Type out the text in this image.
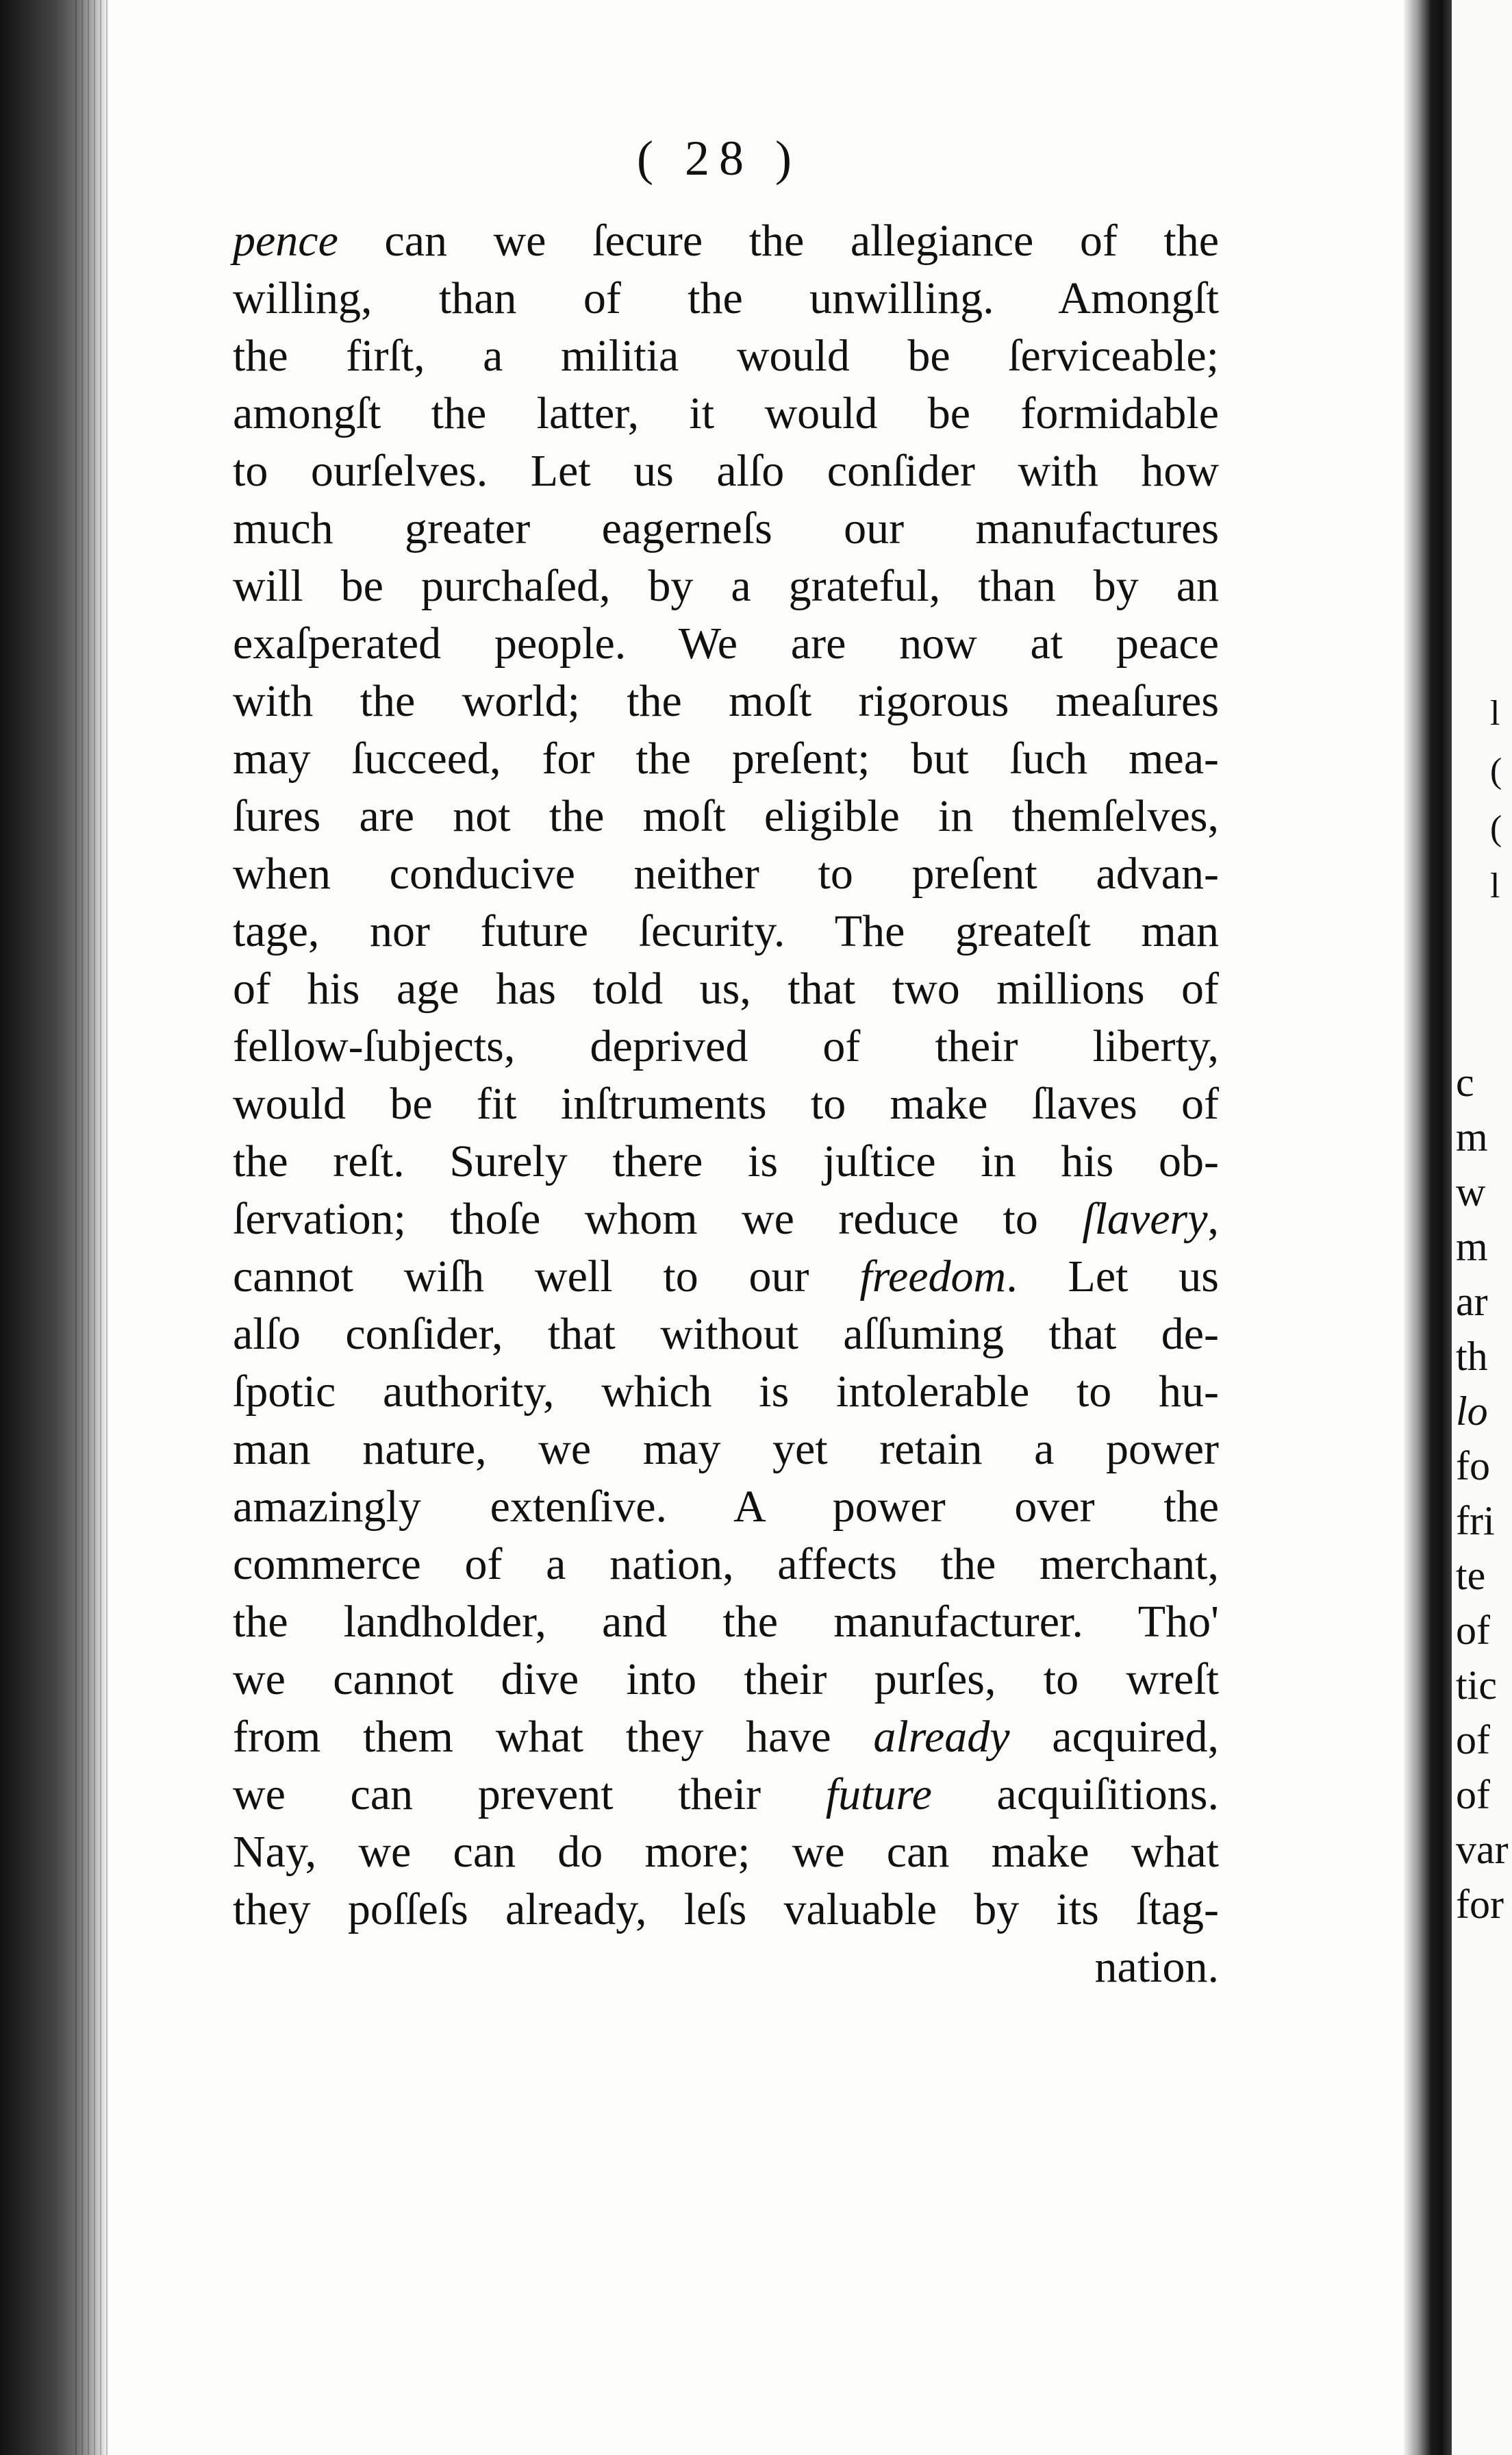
( 28 )
pence can we ſecure the allegiance of the
willing, than of the unwilling. Amongſt
the firſt, a militia would be ſerviceable;
amongſt the latter, it would be formidable
to ourſelves. Let us alſo conſider with how
much greater eagerneſs our manufactures
will be purchaſed, by a grateful, than by an
exaſperated people. We are now at peace
with the world; the moſt rigorous meaſures
may ſucceed, for the preſent; but ſuch mea-
ſures are not the moſt eligible in themſelves,
when conducive neither to preſent advan-
tage, nor future ſecurity. The greateſt man
of his age has told us, that two millions of
fellow-ſubjects, deprived of their liberty,
would be fit inſtruments to make ſlaves of
the reſt. Surely there is juſtice in his ob-
ſervation; thoſe whom we reduce to ſlavery,
cannot wiſh well to our freedom. Let us
alſo conſider, that without aſſuming that de-
ſpotic authority, which is intolerable to hu-
man nature, we may yet retain a power
amazingly extenſive. A power over the
commerce of a nation, affects the merchant,
the landholder, and the manufacturer. Tho'
we cannot dive into their purſes, to wreſt
from them what they have already acquired,
we can prevent their future acquiſitions.
Nay, we can do more; we can make what
they poſſeſs already, leſs valuable by its ſtag-
nation.
l
(
(
l
c
m
w
m
ar
th
lo
fo
fri
te
of
tic
of
of
var
for
